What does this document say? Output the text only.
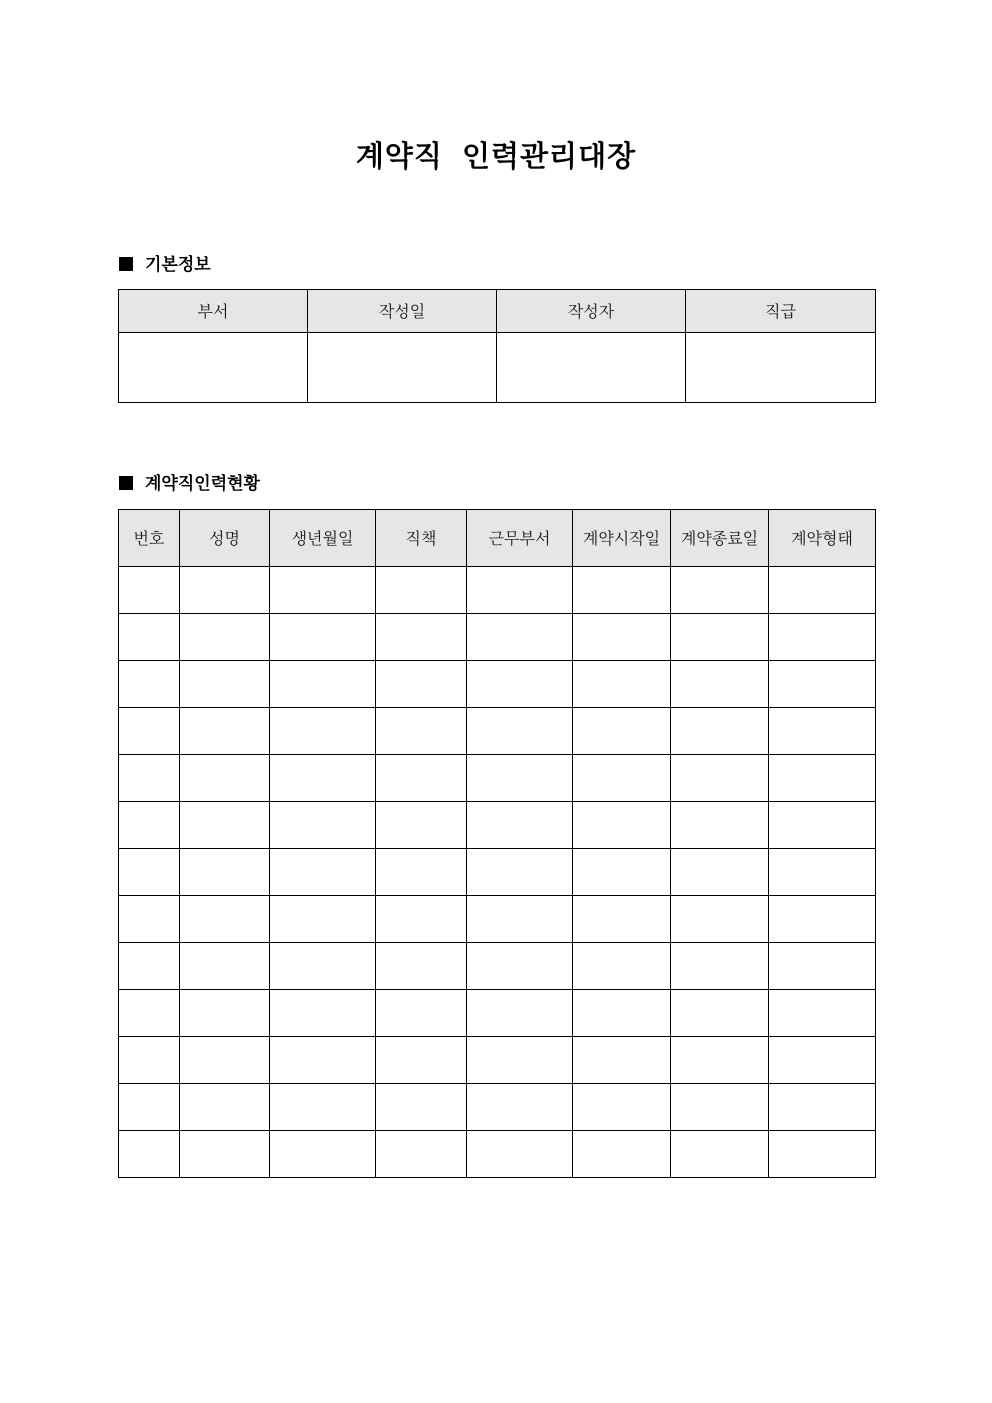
계약직 인력관리대장
기본정보
부서	작성일	작성자	직급

계약직인력현황
번호	성명	생년월일	직책	근무부서	계약시작일	계약종료일	계약형태
